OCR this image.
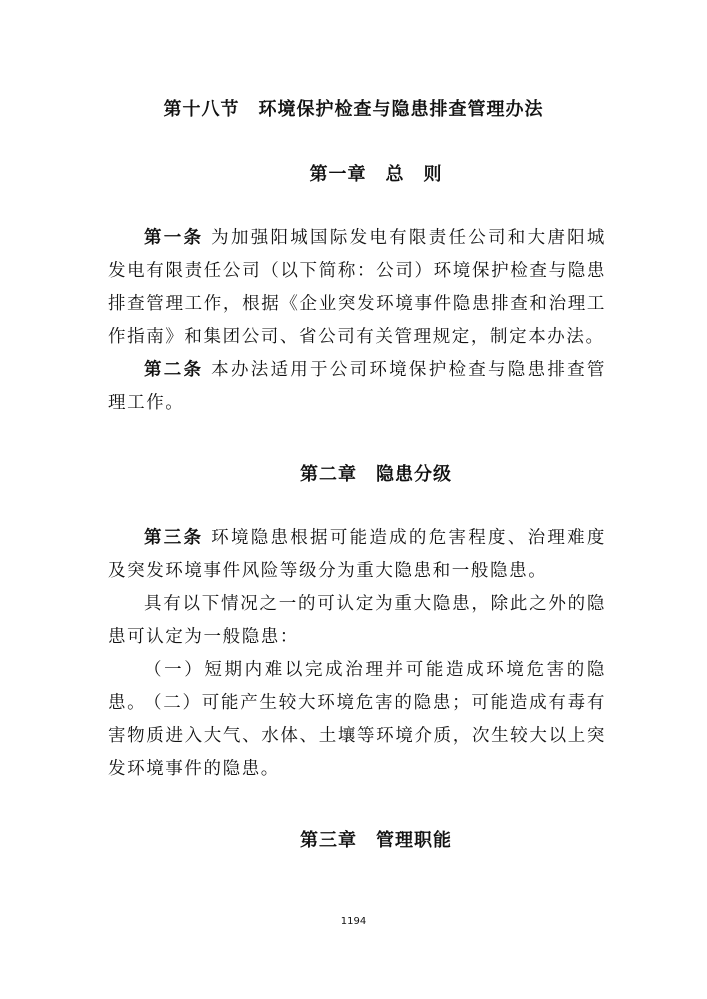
第十八节　环境保护检查与隐患排查管理办法
第一章　总　则
第一条 为加强阳城国际发电有限责任公司和大唐阳城发电有限责任公司（以下简称：公司）环境保护检查与隐患排查管理工作，根据《企业突发环境事件隐患排查和治理工作指南》和集团公司、省公司有关管理规定，制定本办法。
第二条 本办法适用于公司环境保护检查与隐患排查管理工作。
第二章　隐患分级
第三条 环境隐患根据可能造成的危害程度、治理难度及突发环境事件风险等级分为重大隐患和一般隐患。
具有以下情况之一的可认定为重大隐患，除此之外的隐患可认定为一般隐患：
（一）短期内难以完成治理并可能造成环境危害的隐患。
（二）可能产生较大环境危害的隐患；可能造成有毒有害物质进入大气、水体、土壤等环境介质，次生较大以上突发环境事件的隐患。
第三章　管理职能
1194
